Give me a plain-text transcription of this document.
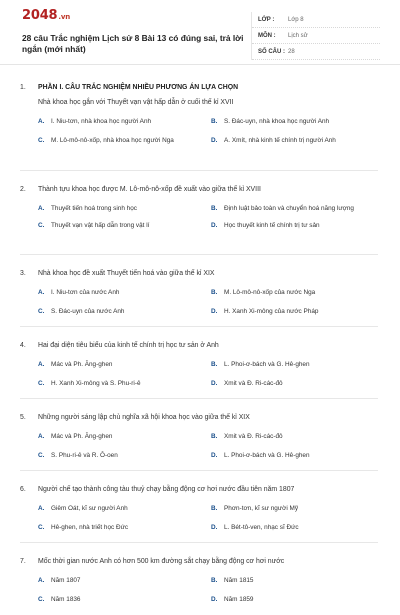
2048.vn
28 câu Trắc nghiệm Lịch sử 8 Bài 13 có đúng sai, trả lời ngắn (mới nhất)
LỚP :	Lớp 8
MÔN :	Lịch sử
SỐ CÂU : 28
1.	PHẦN I. CÂU TRẮC NGHIỆM NHIỀU PHƯƠNG ÁN LỰA CHỌN
Nhà khoa học gắn với Thuyết vạn vật hấp dẫn ở cuối thế kỉ XVII
A.	I. Niu-tơn, nhà khoa học người Anh	B.	S. Đác-uyn, nhà khoa học người Anh
C.	M. Lô-mô-nô-xốp, nhà khoa học người Nga	D.	A. Xmít, nhà kinh tế chính trị người Anh
2.	Thành tựu khoa học được M. Lô-mô-nô-xốp đề xuất vào giữa thế kỉ XVIII
A.	Thuyết tiến hoá trong sinh học	B.	Định luật bảo toàn và chuyển hoá năng lượng
C.	Thuyết vạn vật hấp dẫn trong vật lí	D.	Học thuyết kinh tế chính trị tư sản
3.	Nhà khoa học đề xuất Thuyết tiến hoá vào giữa thế kỉ XIX
A.	I. Niu-tơn của nước Anh	B.	M. Lô-mô-nô-xốp của nước Nga
C.	S. Đác-uyn của nước Anh	D.	H. Xanh Xi-mông của nước Pháp
4.	Hai đại diện tiêu biểu của kinh tế chính trị học tư sản ở Anh
A.	Mác và Ph. Ăng-ghen	B.	L. Phoi-ơ-bách và G. Hê-ghen
C.	H. Xanh Xi-mông và S. Phu-ri-ê	D.	Xmit và Đ. Ri-các-đô
5.	Những người sáng lập chủ nghĩa xã hội khoa học vào giữa thế kỉ XIX
A.	Mác và Ph. Ăng-ghen	B.	Xmit và Đ. Ri-các-đô
C.	S. Phu-ri-ê và R. Ô-oen	D.	L. Phoi-ơ-bách và G. Hê-ghen
6.	Người chế tạo thành công tàu thuỷ chạy bằng động cơ hơi nước đầu tiên năm 1807
A.	Giêm Oát, kĩ sư người Anh	B.	Phơn-tơn, kĩ sư người Mỹ
C.	Hê-ghen, nhà triết học Đức	D.	L. Bét-tô-ven, nhạc sĩ Đức
7.	Mốc thời gian nước Anh có hơn 500 km đường sắt chạy bằng động cơ hơi nước
A.	Năm 1807	B.	Năm 1815
C.	Năm 1836	D.	Năm 1859
